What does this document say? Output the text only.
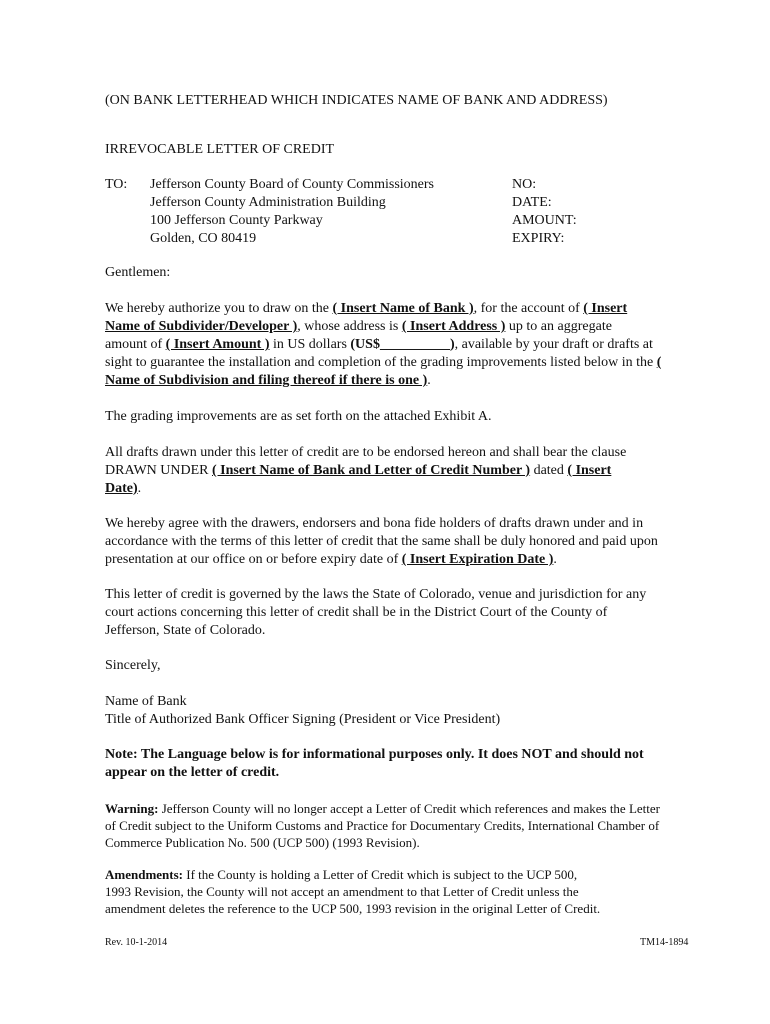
(ON BANK LETTERHEAD WHICH INDICATES NAME OF BANK AND ADDRESS)
IRREVOCABLE LETTER OF CREDIT
TO: Jefferson County Board of County Commissioners
Jefferson County Administration Building
100 Jefferson County Parkway
Golden, CO 80419
NO:
DATE:
AMOUNT:
EXPIRY:
Gentlemen:
We hereby authorize you to draw on the ( Insert Name of Bank ), for the account of ( Insert
Name of Subdivider/Developer ), whose address is ( Insert Address ) up to an aggregate
amount of ( Insert Amount ) in US dollars (US$__________), available by your draft or drafts at
sight to guarantee the installation and completion of the grading improvements listed below in the (
Name of Subdivision and filing thereof if there is one ).
The grading improvements are as set forth on the attached Exhibit A.
All drafts drawn under this letter of credit are to be endorsed hereon and shall bear the clause
DRAWN UNDER ( Insert Name of Bank and Letter of Credit Number ) dated ( Insert
Date).
We hereby agree with the drawers, endorsers and bona fide holders of drafts drawn under and in
accordance with the terms of this letter of credit that the same shall be duly honored and paid upon
presentation at our office on or before expiry date of ( Insert Expiration Date ).
This letter of credit is governed by the laws the State of Colorado, venue and jurisdiction for any
court actions concerning this letter of credit shall be in the District Court of the County of
Jefferson, State of Colorado.
Sincerely,
Name of Bank
Title of Authorized Bank Officer Signing (President or Vice President)
Note: The Language below is for informational purposes only. It does NOT and should not
appear on the letter of credit.
Warning: Jefferson County will no longer accept a Letter of Credit which references and makes the Letter
of Credit subject to the Uniform Customs and Practice for Documentary Credits, International Chamber of
Commerce Publication No. 500 (UCP 500) (1993 Revision).
Amendments: If the County is holding a Letter of Credit which is subject to the UCP 500,
1993 Revision, the County will not accept an amendment to that Letter of Credit unless the
amendment deletes the reference to the UCP 500, 1993 revision in the original Letter of Credit.
Rev. 10-1-2014	TM14-1894
